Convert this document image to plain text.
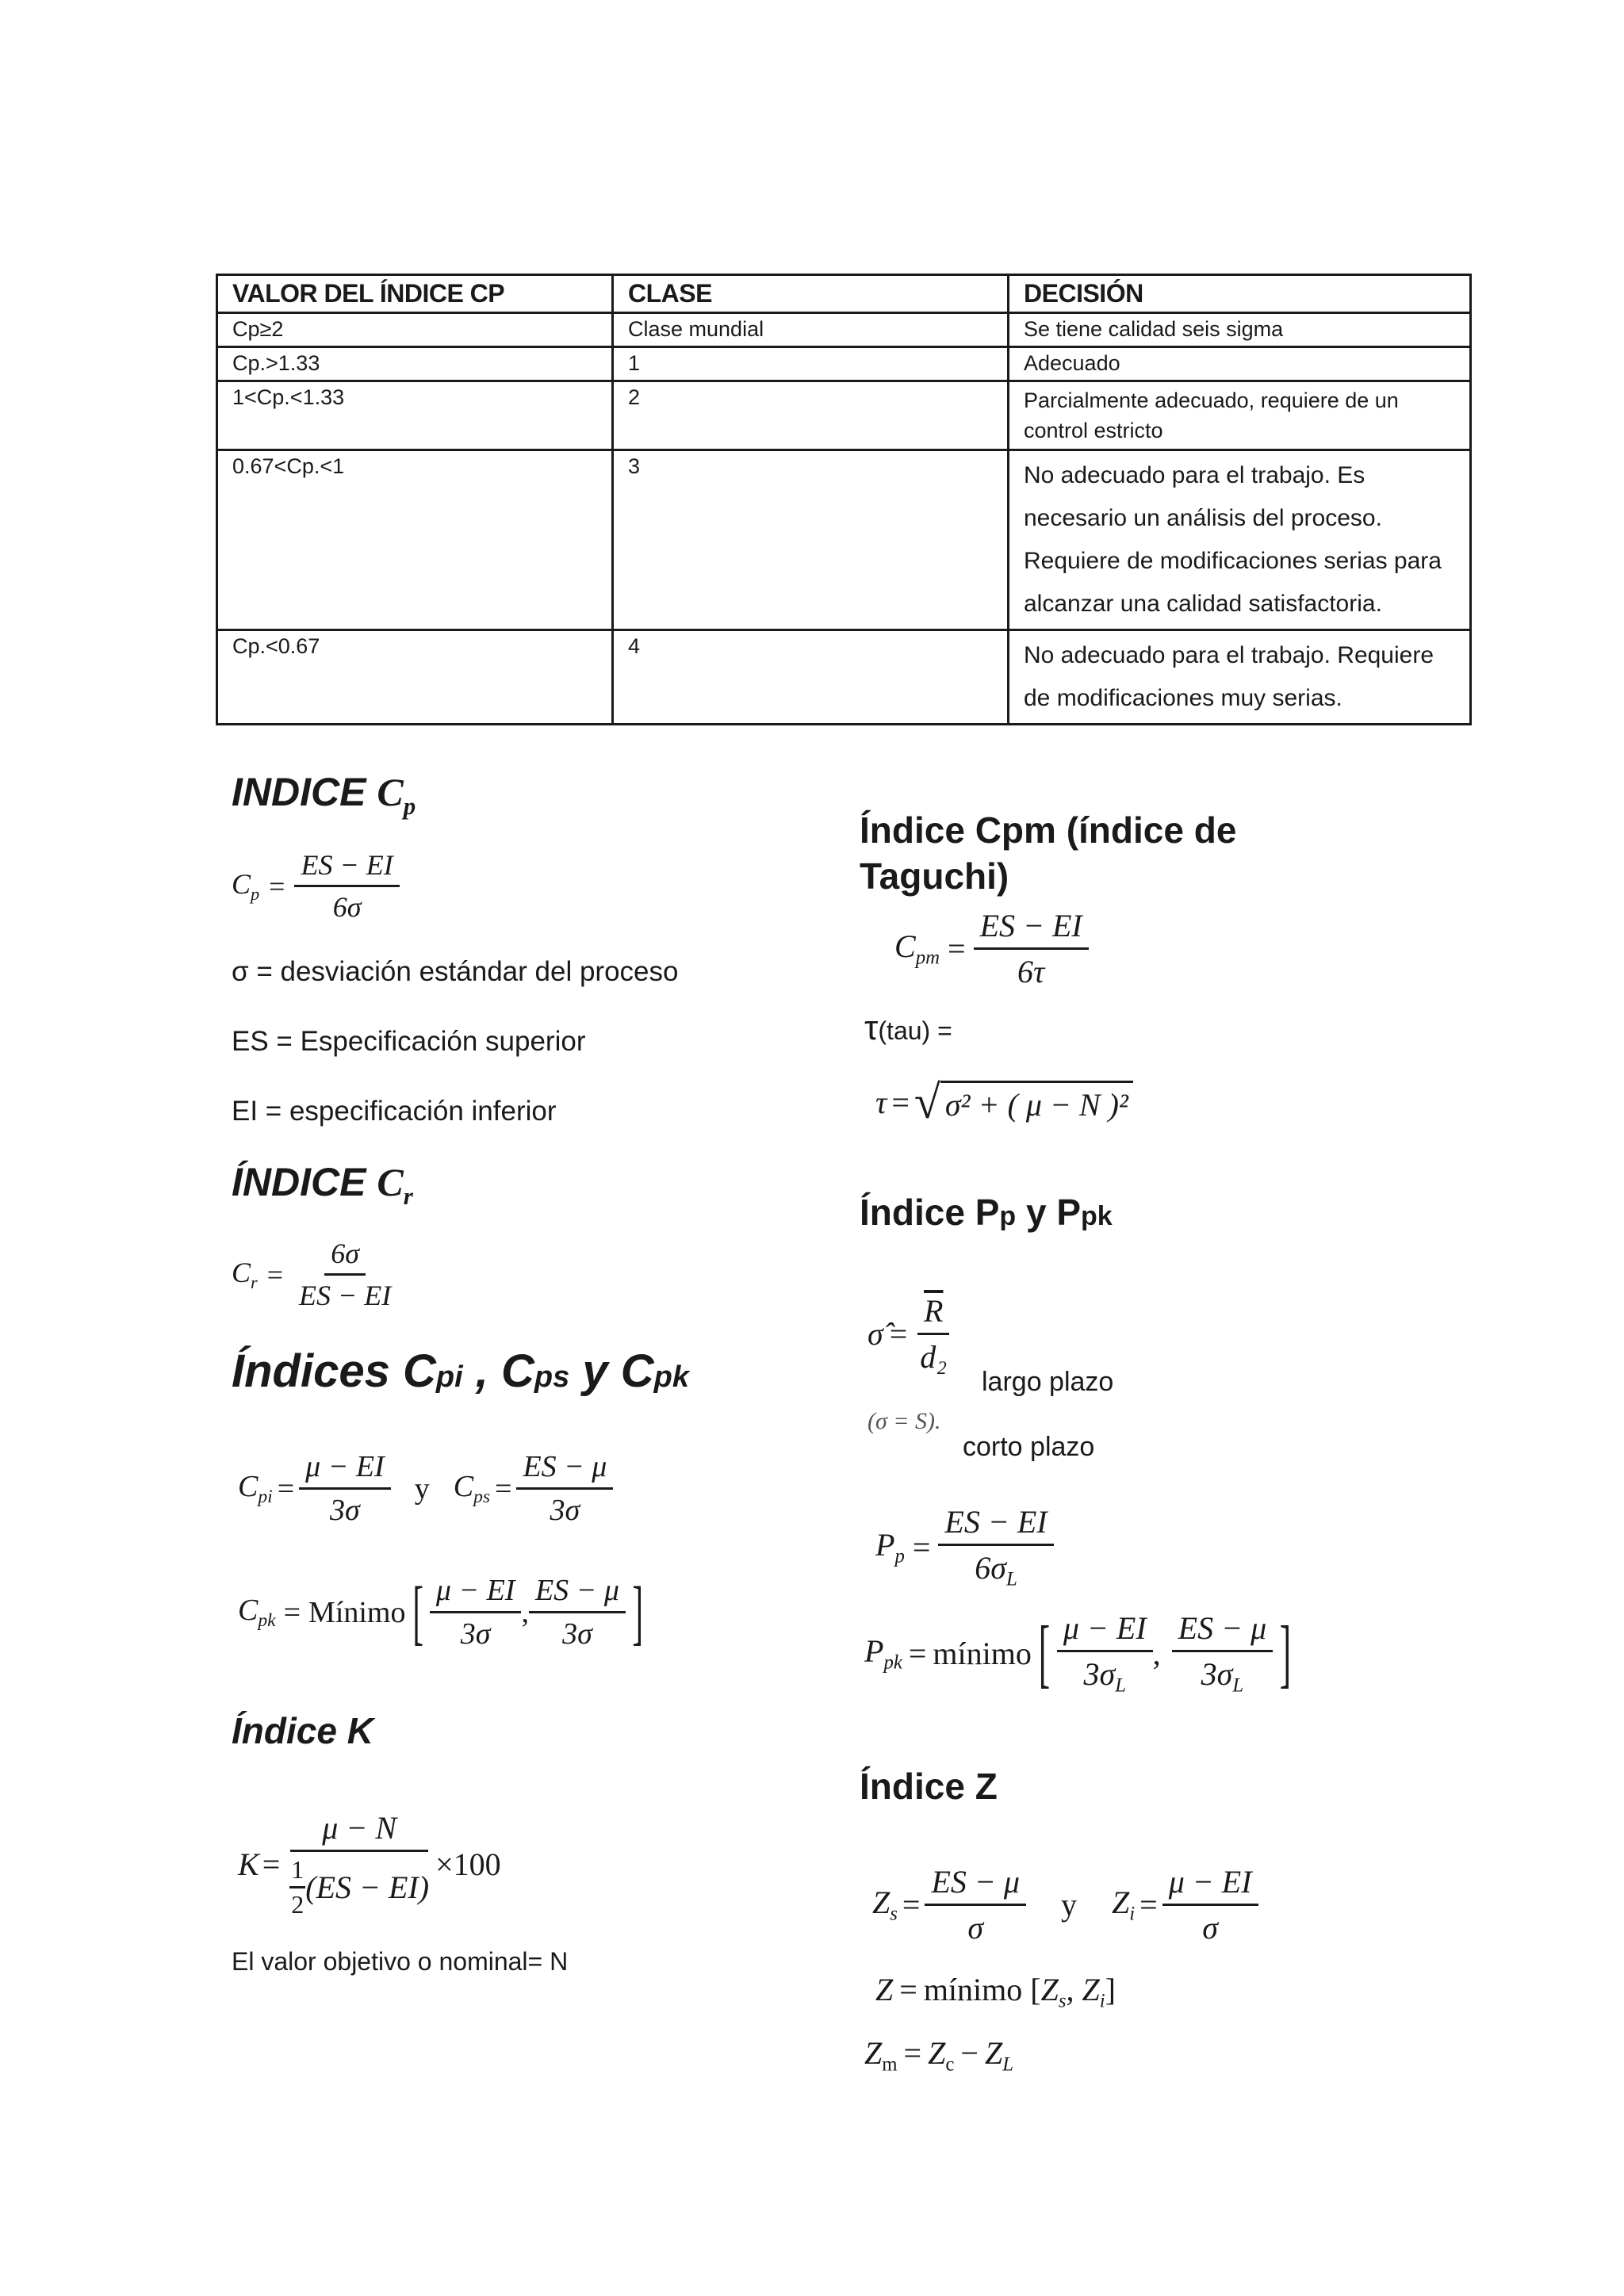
VALOR DEL ÍNDICE CP	CLASE	DECISIÓN
Cp≥2	Clase mundial	Se tiene calidad seis sigma
Cp.>1.33	1	Adecuado
1<Cp.<1.33	2	Parcialmente adecuado, requiere de un control estricto
0.67<Cp.<1	3	No adecuado para el trabajo. Es necesario un análisis del proceso. Requiere de modificaciones serias para alcanzar una calidad satisfactoria.
Cp.<0.67	4	No adecuado para el trabajo. Requiere de modificaciones muy serias.
INDICE $C_p$
$C_p = \frac{ES - EI}{6\sigma}$
σ = desviación estándar del proceso
ES = Especificación superior
EI = especificación inferior
ÍNDICE $C_r$
$C_r = \frac{6\sigma}{ES - EI}$
Índices Cpi , Cps y Cpk
$C_{pi} = \frac{\mu - EI}{3\sigma}$ y $C_{ps} = \frac{ES - \mu}{3\sigma}$
$C_{pk}$ = Mínimo [ $\frac{\mu - EI}{3\sigma}$ , $\frac{ES - \mu}{3\sigma}$ ]
Índice K
$K = \frac{\mu - N}{\frac{1}{2} (ES - EI)} \times 100$
El valor objetivo o nominal= N
Índice Cpm (índice de Taguchi)
$C_{pm} = \frac{ES - EI}{6\tau}$
τ(tau) =
τ = √ σ² + ( μ − N )²
Índice Pp y Ppk
σ̂ = $\frac{\overline{R}}{\text{d₂}}$
largo plazo
(σ = S).
corto plazo
$P_p = \frac{ES - EI}{6\sigma_L}$
$P_{pk}$ = mínimo [ $\frac{\mu - EI}{3\sigma_L}$ , $\frac{ES - \mu}{3\sigma_L}$ ]
Índice Z
$Z_s = \frac{ES - \mu}{\sigma}$ y $Z_i = \frac{\mu - EI}{\sigma}$
Z = mínimo [$Z_s$, $Z_i$]
$Z_m = Z_c - Z_L$
